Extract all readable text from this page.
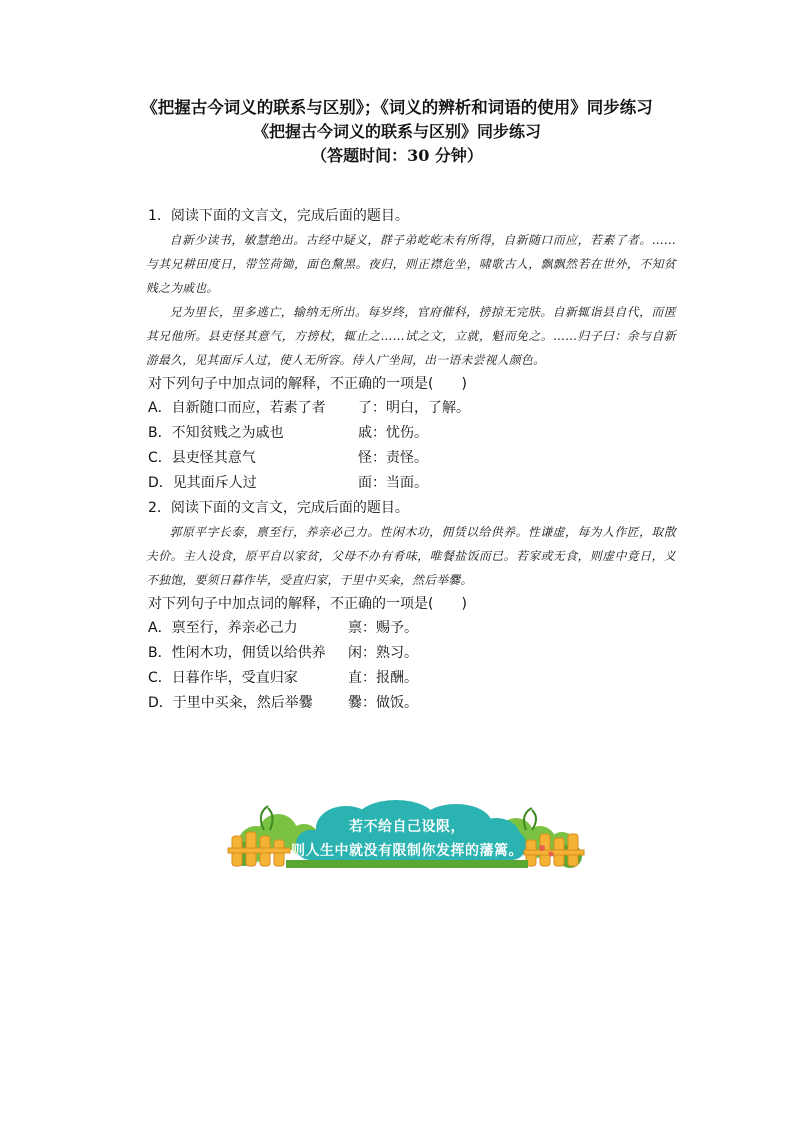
《把握古今词义的联系与区别》；《词义的辨析和词语的使用》同步练习
《把握古今词义的联系与区别》同步练习
（答题时间：30 分钟）
1．阅读下面的文言文，完成后面的题目。

自新少读书，敏慧绝出。古经中疑义，群子弟屹屹未有所得，自新随口而应，若素了者。……与其兄耕田度日，带笠荷锄，面色黧黑。夜归，则正襟危坐，啸歌古人，飘飘然若在世外，不知贫贱之为戚也。

兄为里长，里多逃亡，输纳无所出。每岁终，官府催科，搒掠无完肤。自新辄诣县自代，而匿其兄他所。县吏怪其意气，方搒杖，辄止之……试之文，立就，魁而免之。……归子曰：余与自新游最久，见其面斥人过，使人无所容。侍人广坐间，出一语未尝视人颜色。

对下列句子中加点词的解释，不正确的一项是(　　)
A．自新随口而应，若素了者	了：明白，了解。
B．不知贫贱之为戚也	戚：忧伤。
C．县吏怪其意气	怪：责怪。
D．见其面斥人过	面：当面。
2．阅读下面的文言文，完成后面的题目。

郭原平字长泰，禀至行，养亲必己力。性闲木功，佣赁以给供养。性谦虚，每为人作匠，取散夫价。主人设食，原平自以家贫，父母不办有肴味，唯餐盐饭而已。若家或无食，则虚中竟日，义不独饱，要须日暮作毕，受直归家，于里中买籴，然后举爨。

对下列句子中加点词的解释，不正确的一项是(　　)
A．禀至行，养亲必己力	禀：赐予。
B．性闲木功，佣赁以给供养	闲：熟习。
C．日暮作毕，受直归家	直：报酬。
D．于里中买籴，然后举爨	爨：做饭。
若不给自己设限，
则人生中就没有限制你发挥的藩篱。
